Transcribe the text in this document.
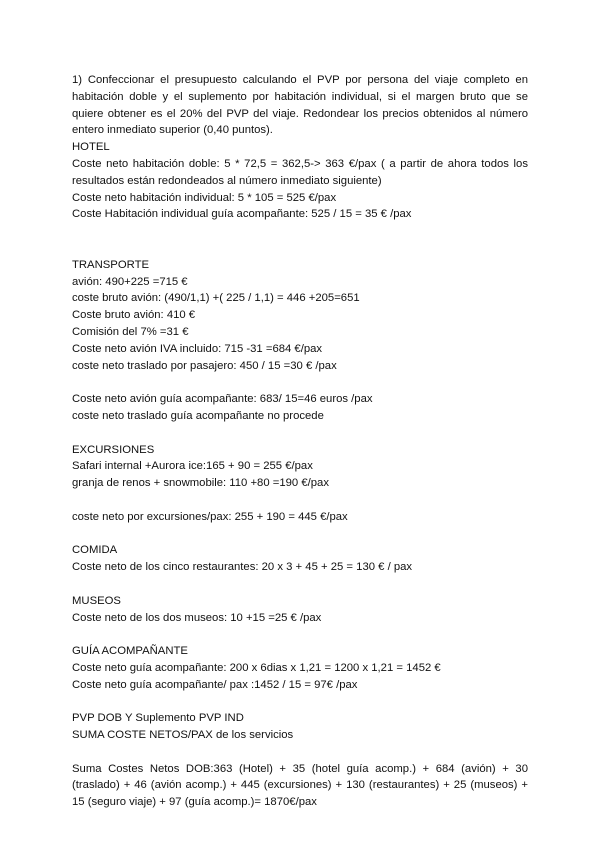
1) Confeccionar el presupuesto calculando el PVP por persona del viaje completo en habitación doble y el suplemento por habitación individual, si el margen bruto que se quiere obtener es el 20% del PVP del viaje. Redondear los precios obtenidos al número entero inmediato superior (0,40 puntos).

HOTEL

Coste neto habitación doble: 5 * 72,5 = 362,5-> 363 €/pax ( a partir de ahora todos los resultados están redondeados al número inmediato siguiente)

Coste neto habitación individual: 5 * 105 = 525 €/pax

Coste Habitación individual guía acompañante: 525 / 15 = 35 € /pax

TRANSPORTE

avión: 490+225 =715 €

coste bruto avión: (490/1,1) +( 225 / 1,1) = 446 +205=651

Coste bruto avión: 410 €

Comisión del 7% =31 €

Coste neto avión IVA incluido: 715 -31 =684 €/pax

coste neto traslado por pasajero: 450 / 15 =30 € /pax

Coste neto avión guía acompañante: 683/ 15=46 euros /pax

coste neto traslado guía acompañante no procede

EXCURSIONES

Safari internal +Aurora ice:165 + 90 = 255 €/pax

granja de renos + snowmobile: 110 +80 =190 €/pax

coste neto por excursiones/pax: 255 + 190 = 445 €/pax

COMIDA

Coste neto de los cinco restaurantes: 20 x 3 + 45 + 25 = 130 € / pax

MUSEOS

Coste neto de los dos museos: 10 +15 =25 € /pax

GUÍA ACOMPAÑANTE

Coste neto guía acompañante: 200 x 6dias x 1,21 = 1200 x 1,21 = 1452 €

Coste neto guía acompañante/ pax :1452 / 15 = 97€ /pax

PVP DOB Y Suplemento PVP IND

SUMA COSTE NETOS/PAX de los servicios

Suma Costes Netos DOB:363 (Hotel) + 35 (hotel guía acomp.) + 684 (avión) + 30 (traslado) + 46 (avión acomp.) + 445 (excursiones) + 130 (restaurantes) + 25 (museos) + 15 (seguro viaje) + 97 (guía acomp.)= 1870€/pax
